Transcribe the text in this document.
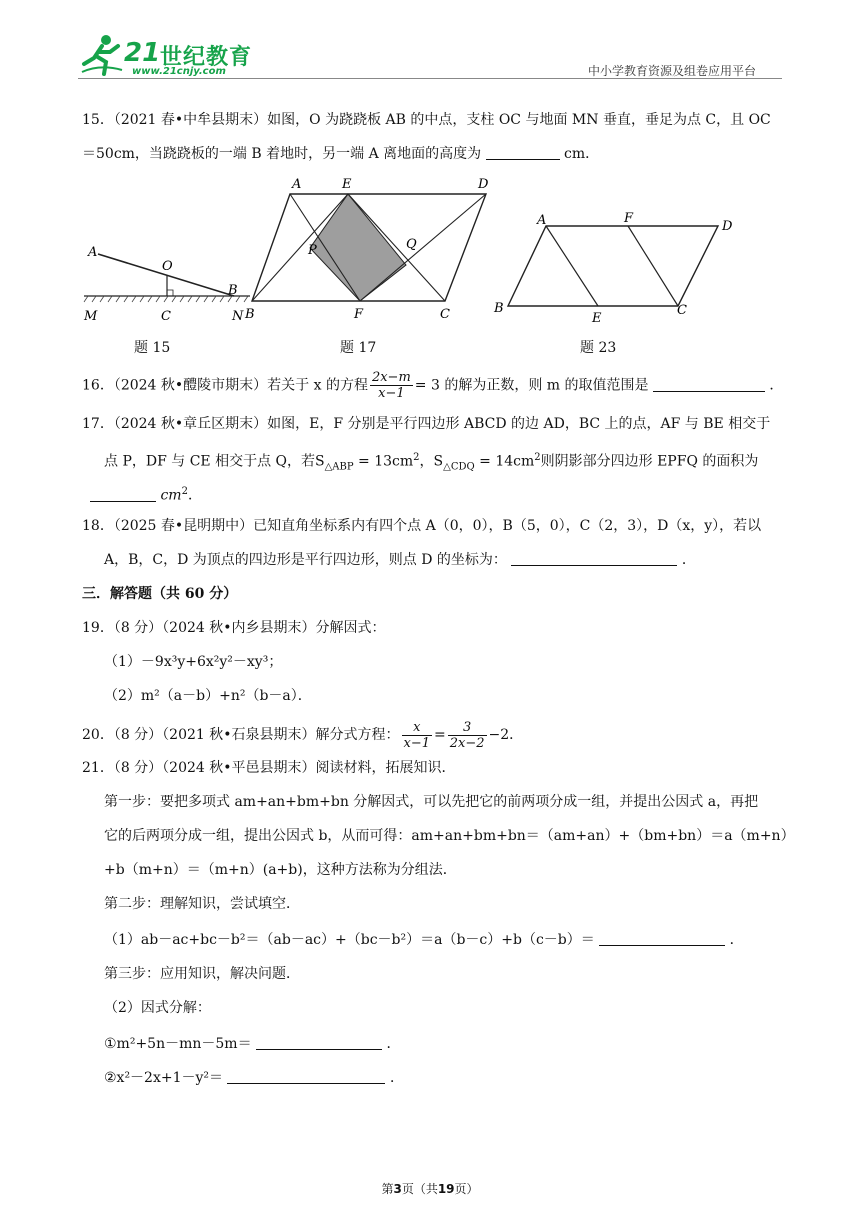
21 世纪教育
www.21cnjy.com	中小学教育资源及组卷应用平台
15．（2021 春•中牟县期末）如图，O 为跷跷板 AB 的中点，支柱 OC 与地面 MN 垂直，垂足为点 C，且 OC
＝50cm，当跷跷板的一端 B 着地时，另一端 A 离地面的高度为	cm．
A
O
B
M	C	N
题 15
A	E	D
P	Q
B	F	C
题 17
A	F
D
B
E
C
题 23
16．（2024 秋•醴陵市期末）若关于 x 的方程 $\frac{2x-m}{x-1} = 3$ 的解为正数，则 m 的取值范围是	．
17．（2024 秋•章丘区期末）如图，E，F 分别是平行四边形 ABCD 的边 AD，BC 上的点，AF 与 BE 相交于
点 P，DF 与 CE 相交于点 Q，若$S_{\triangle ABP} = 13cm^2$，$S_{\triangle CDQ} = 14cm^2$则阴影部分四边形 EPFQ 的面积为
$cm^2$．
18．（2025 春•昆明期中）已知直角坐标系内有四个点 A（0，0），B（5，0），C（2，3），D（x，y），若以
A，B，C，D 为顶点的四边形是平行四边形，则点 D 的坐标为：	．
三．解答题（共 60 分）
19．（8 分）（2024 秋•内乡县期末）分解因式：
（1）－9x³y+6x²y²－xy³；
（2）m²（a－b）+n²（b－a）．
20．（8 分）（2021 秋•石泉县期末）解分式方程： $\frac{x}{x-1} = \frac{3}{2x-2} -2$．
21．（8 分）（2024 秋•平邑县期末）阅读材料，拓展知识．
第一步：要把多项式 am+an+bm+bn 分解因式，可以先把它的前两项分成一组，并提出公因式 a，再把
它的后两项分成一组，提出公因式 b，从而可得：am+an+bm+bn＝（am+an）+（bm+bn）＝a（m+n）
+b（m+n）＝（m+n）(a+b)，这种方法称为分组法．
第二步：理解知识，尝试填空．
（1）ab－ac+bc－b²＝（ab－ac）+（bc－b²）＝a（b－c）+b（c－b）＝	．
第三步：应用知识，解决问题．
（2）因式分解：
①m²+5n－mn－5m＝	．
②x²－2x+1－y²＝	．
第3页（共19页）
